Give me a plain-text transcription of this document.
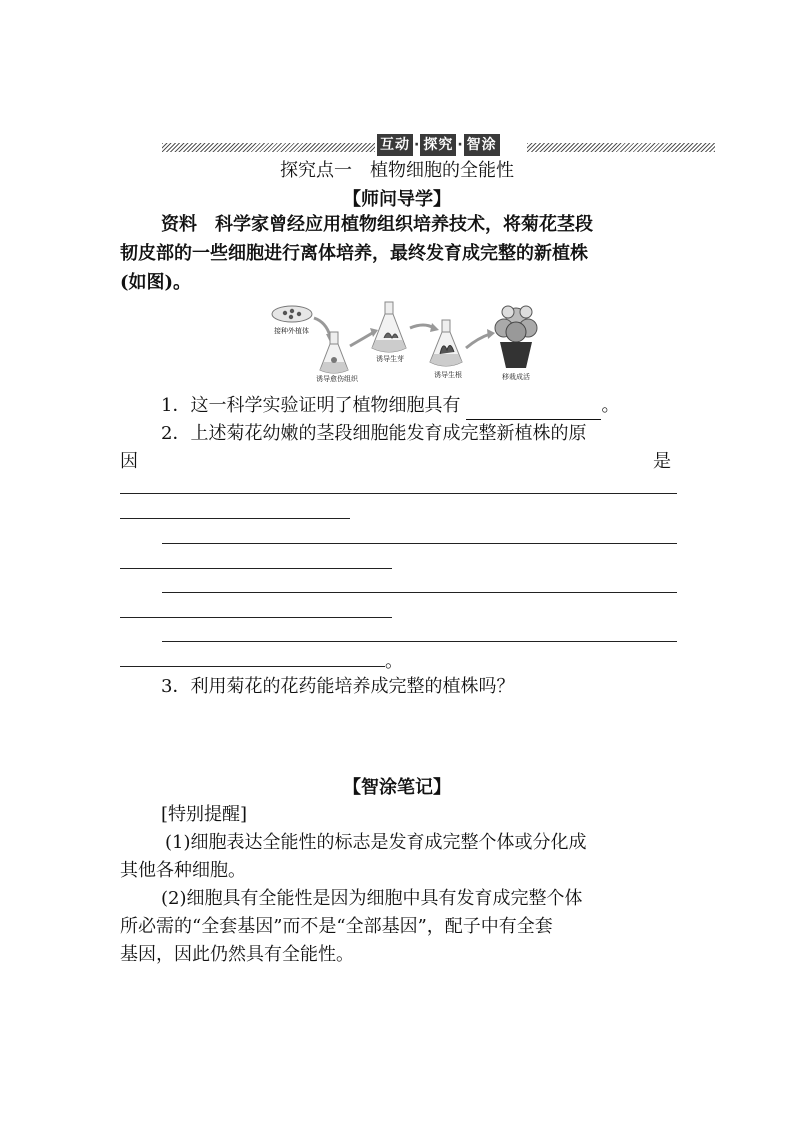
互动 · 探究 · 智涂
探究点一　植物细胞的全能性
【师问导学】
资料　科学家曾经应用植物组织培养技术，将菊花茎段
韧皮部的一些细胞进行离体培养，最终发育成完整的新植株
(如图)。
接种外植体
诱导愈伤组织
诱导生芽
诱导生根	移栽成活
1．这一科学实验证明了植物细胞具有	。
2．上述菊花幼嫩的茎段细胞能发育成完整新植株的原
因	是
。
3．利用菊花的花药能培养成完整的植株吗？
【智涂笔记】
[特别提醒]
(1)细胞表达全能性的标志是发育成完整个体或分化成
其他各种细胞。
(2)细胞具有全能性是因为细胞中具有发育成完整个体
所必需的“全套基因”而不是“全部基因”，配子中有全套
基因，因此仍然具有全能性。
